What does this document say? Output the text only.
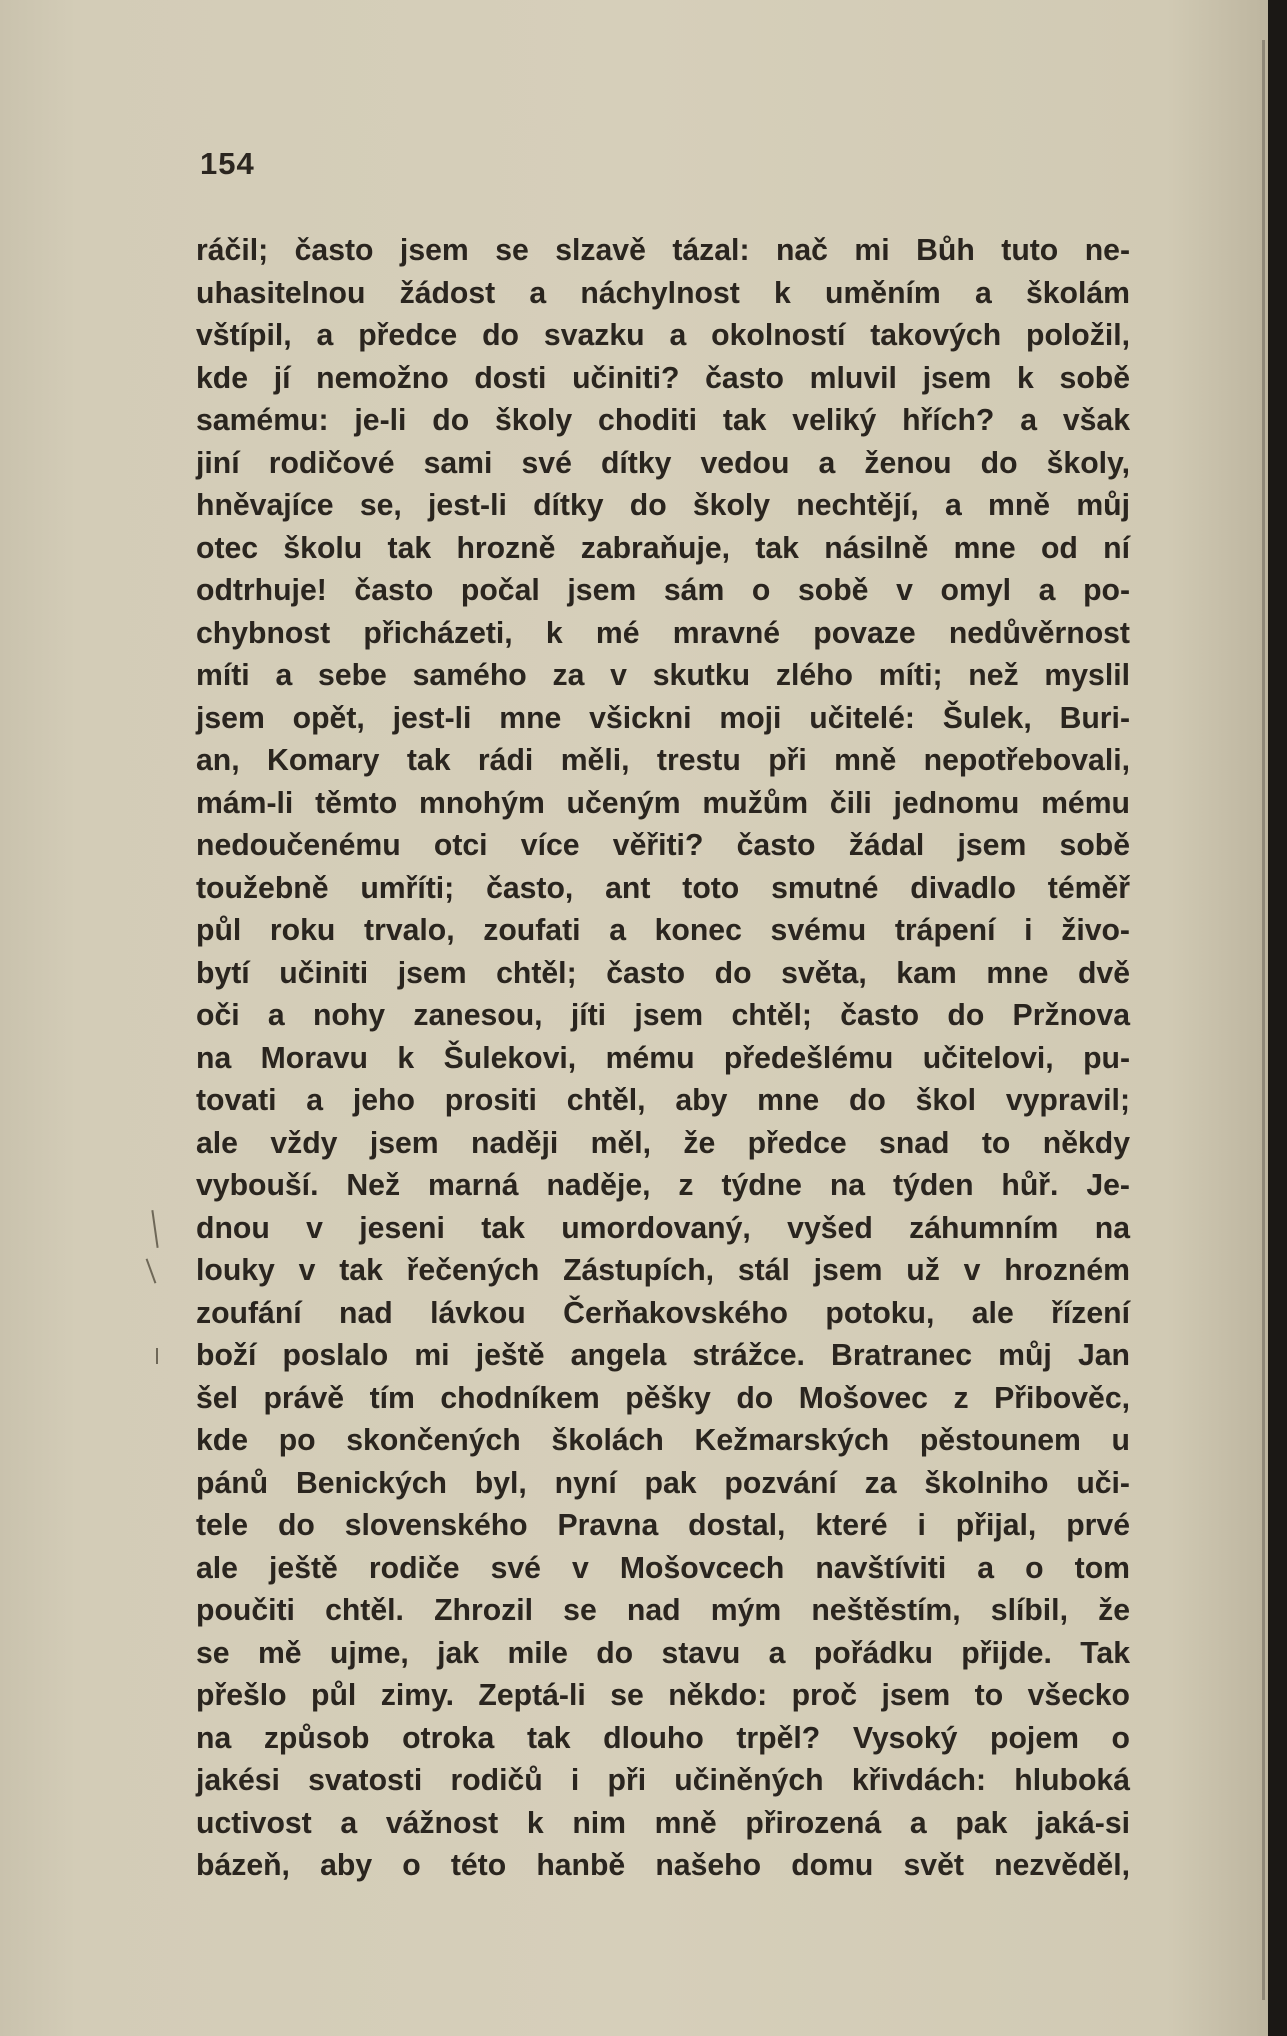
154
ráčil; často jsem se slzavě tázal: nač mi Bůh tuto ne-
uhasitelnou žádost a náchylnost k uměním a školám
vštípil, a předce do svazku a okolností takových položil,
kde jí nemožno dosti učiniti? často mluvil jsem k sobě
samému: je-li do školy choditi tak veliký hřích? a však
jiní rodičové sami své dítky vedou a ženou do školy,
hněvajíce se, jest-li dítky do školy nechtějí, a mně můj
otec školu tak hrozně zabraňuje, tak násilně mne od ní
odtrhuje! často počal jsem sám o sobě v omyl a po-
chybnost přicházeti, k mé mravné povaze nedůvěrnost
míti a sebe samého za v skutku zlého míti; než myslil
jsem opět, jest-li mne všickni moji učitelé: Šulek, Buri-
an, Komary tak rádi měli, trestu při mně nepotřebovali,
mám-li těmto mnohým učeným mužům čili jednomu mému
nedoučenému otci více věřiti? často žádal jsem sobě
toužebně umříti; často, ant toto smutné divadlo téměř
půl roku trvalo, zoufati a konec svému trápení i živo-
bytí učiniti jsem chtěl; často do světa, kam mne dvě
oči a nohy zanesou, jíti jsem chtěl; často do Pržnova
na Moravu k Šulekovi, mému předešlému učitelovi, pu-
tovati a jeho prositi chtěl, aby mne do škol vypravil;
ale vždy jsem naději měl, že předce snad to někdy
vybouší. Než marná naděje, z týdne na týden hůř. Je-
dnou v jeseni tak umordovaný, vyšed záhumním na
louky v tak řečených Zástupích, stál jsem už v hrozném
zoufání nad lávkou Čerňakovského potoku, ale řízení
boží poslalo mi ještě angela strážce. Bratranec můj Jan
šel právě tím chodníkem pěšky do Mošovec z Přibověc,
kde po skončených školách Kežmarských pěstounem u
pánů Benických byl, nyní pak pozvání za školniho uči-
tele do slovenského Pravna dostal, které i přijal, prvé
ale ještě rodiče své v Mošovcech navštíviti a o tom
poučiti chtěl. Zhrozil se nad mým neštěstím, slíbil, že
se mě ujme, jak mile do stavu a pořádku přijde. Tak
přešlo půl zimy. Zeptá-li se někdo: proč jsem to všecko
na způsob otroka tak dlouho trpěl? Vysoký pojem o
jakési svatosti rodičů i při učiněných křivdách: hluboká
uctivost a vážnost k nim mně přirozená a pak jaká-si
bázeň, aby o této hanbě našeho domu svět nezvěděl,
